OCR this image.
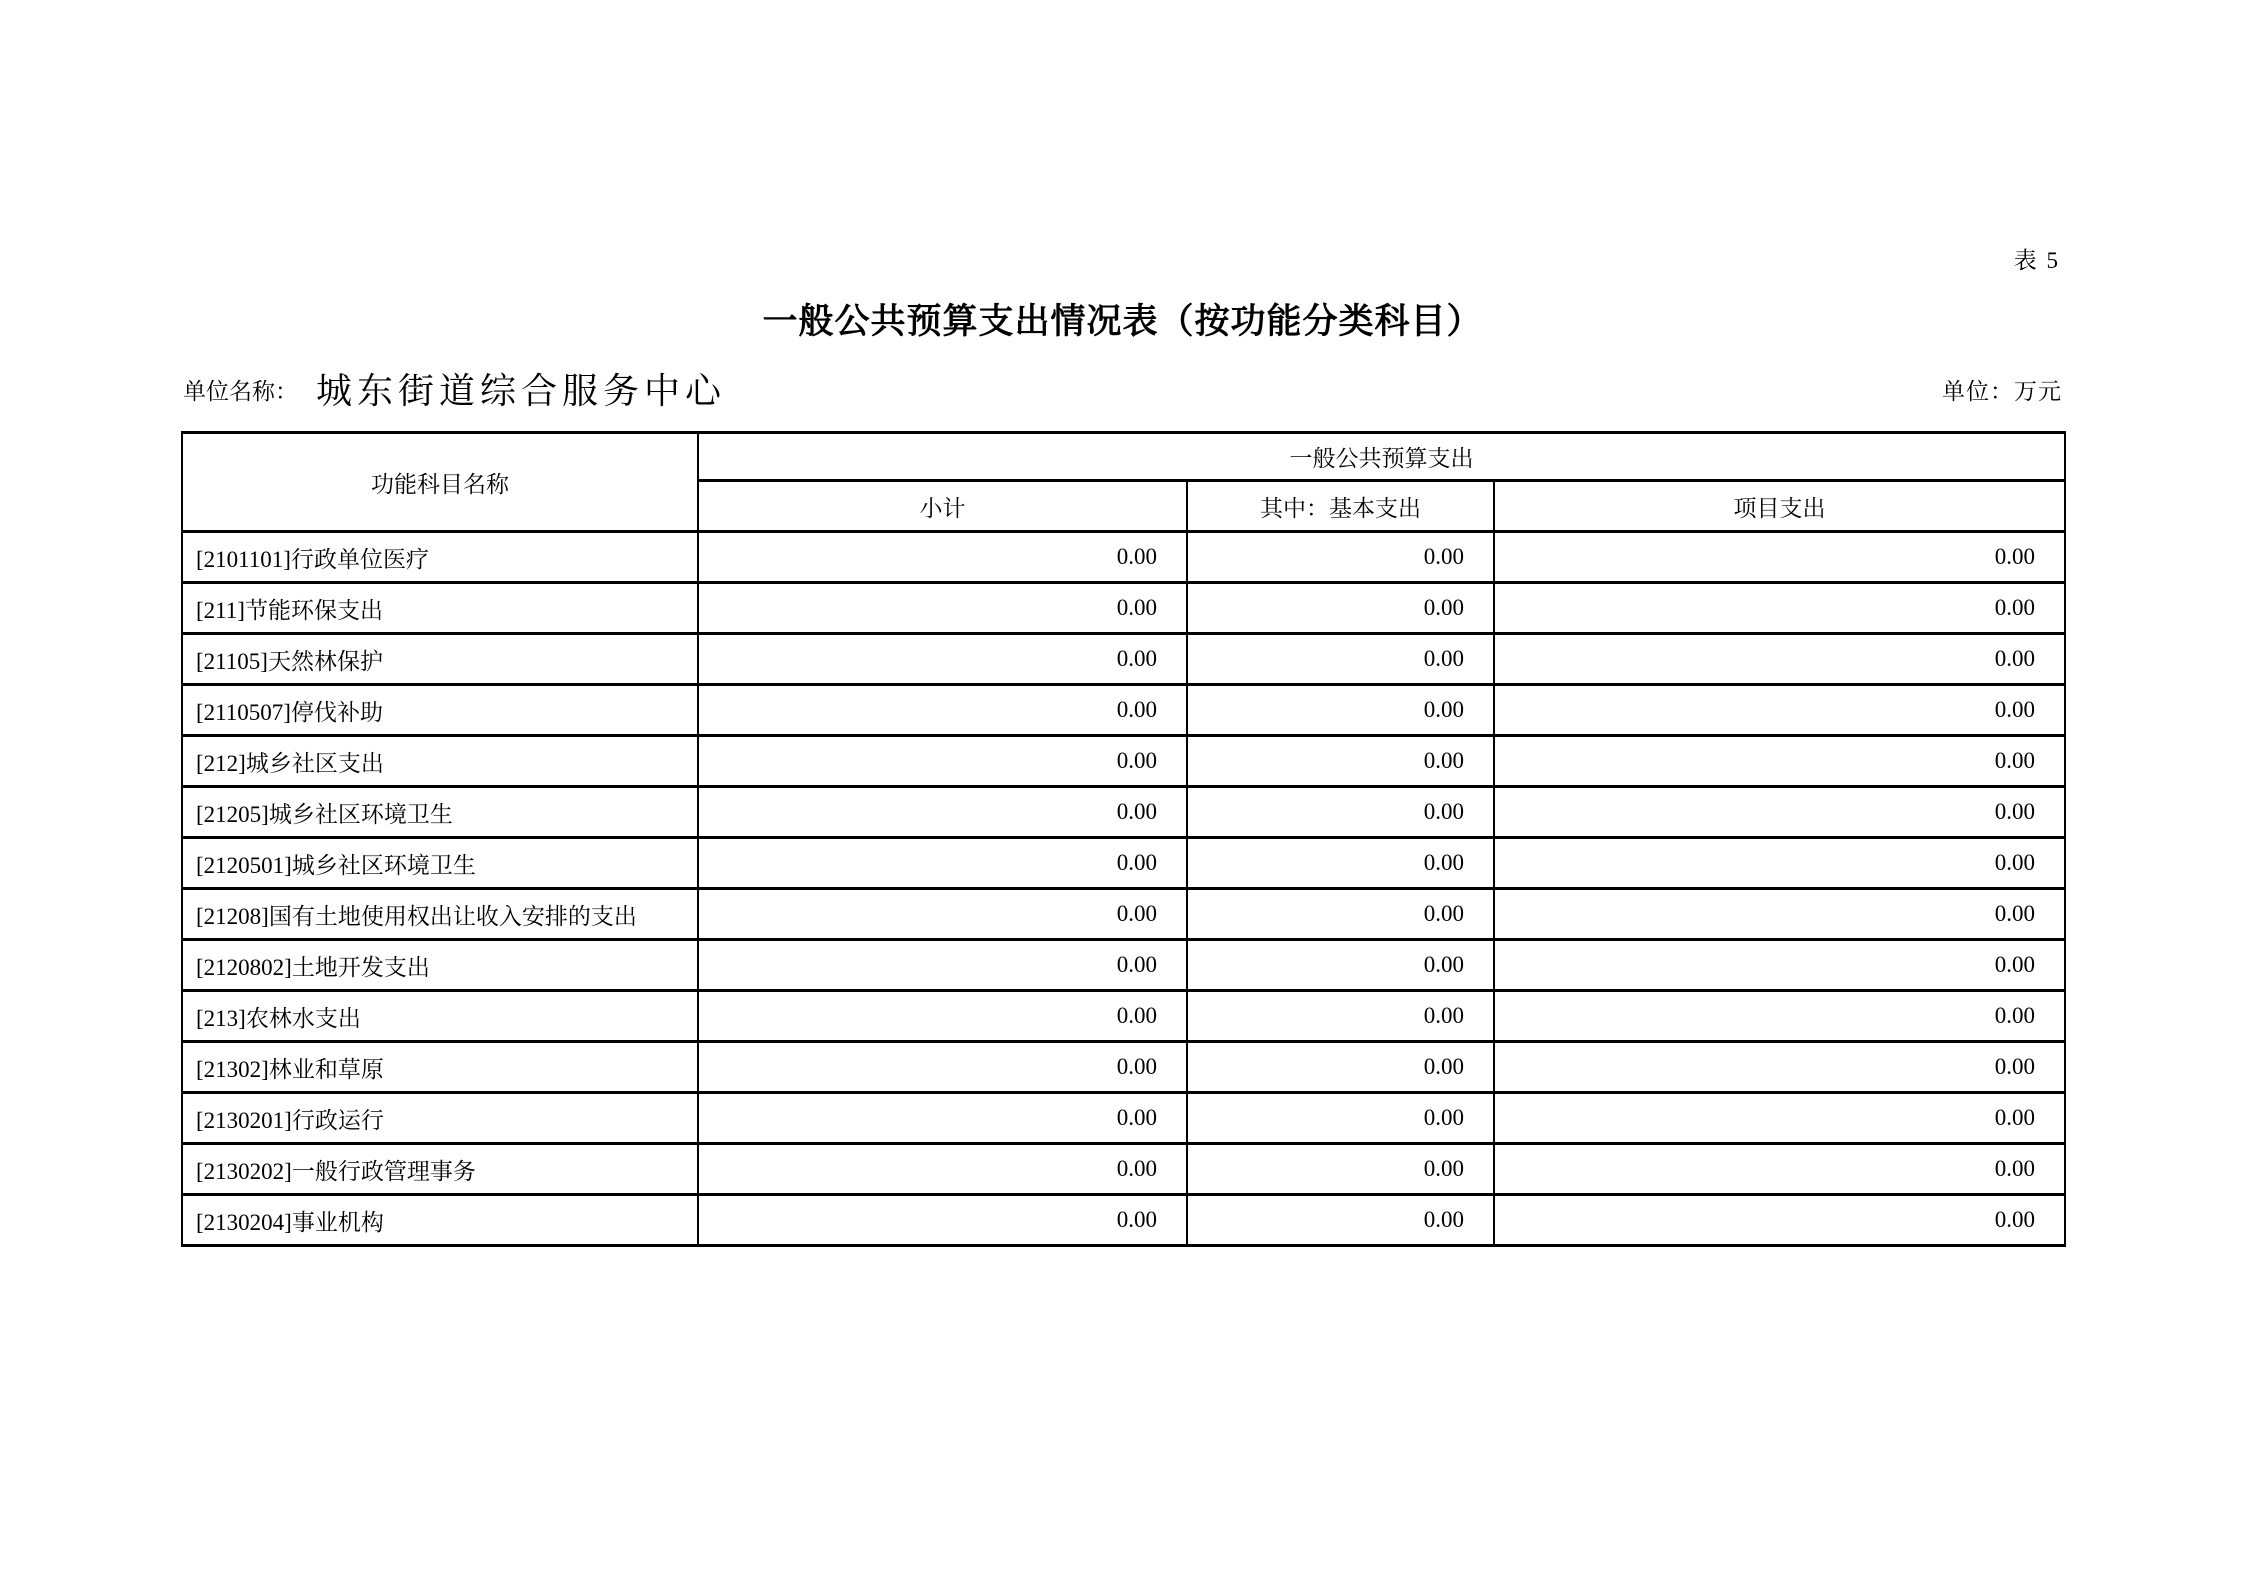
表 5
一般公共预算支出情况表（按功能分类科目）
单位名称： 城东街道综合服务中心	单位：万元
功能科目名称	一般公共预算支出		
	小计	其中：基本支出	项目支出
[2101101]行政单位医疗	0.00	0.00	0.00
[211]节能环保支出	0.00	0.00	0.00
[21105]天然林保护	0.00	0.00	0.00
[2110507]停伐补助	0.00	0.00	0.00
[212]城乡社区支出	0.00	0.00	0.00
[21205]城乡社区环境卫生	0.00	0.00	0.00
[2120501]城乡社区环境卫生	0.00	0.00	0.00
[21208]国有土地使用权出让收入安排的支出	0.00	0.00	0.00
[2120802]土地开发支出	0.00	0.00	0.00
[213]农林水支出	0.00	0.00	0.00
[21302]林业和草原	0.00	0.00	0.00
[2130201]行政运行	0.00	0.00	0.00
[2130202]一般行政管理事务	0.00	0.00	0.00
[2130204]事业机构	0.00	0.00	0.00
